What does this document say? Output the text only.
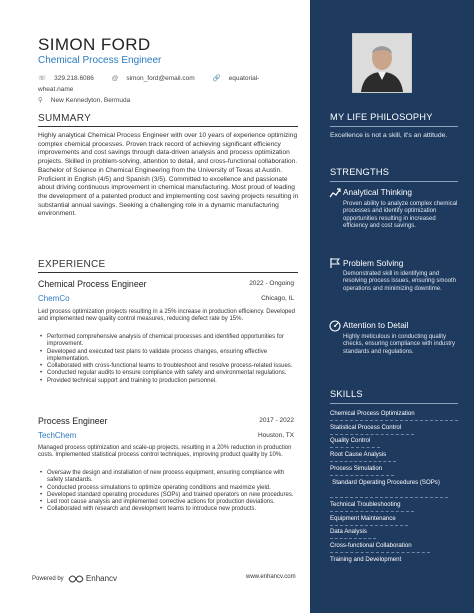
SIMON FORD
Chemical Process Engineer
☏ 329.218.6086	@ simon_ford@email.com	🔗 equatorial-wheat.name
⚲ New Kennedyton, Bermuda
SUMMARY
Highly analytical Chemical Process Engineer with over 10 years of experience optimizing complex chemical processes. Proven track record of achieving significant efficiency improvements and cost savings through data-driven analysis and process optimization projects. Skilled in problem-solving, attention to detail, and cross-functional collaboration. Bachelor of Science in Chemical Engineering from the University of Texas at Austin. Proficient in English (4/5) and Spanish (3/5). Committed to excellence and passionate about driving continuous improvement in chemical manufacturing. Most proud of leading the development of a patented product and implementing cost saving projects resulting in substantial annual savings. Seeking a challenging role in a dynamic manufacturing environment.
EXPERIENCE
Chemical Process Engineer	2022 - Ongoing
ChemCo	Chicago, IL
Led process optimization projects resulting in a 25% increase in production efficiency. Developed and implemented new quality control measures, reducing defect rate by 15%.
• Performed comprehensive analysis of chemical processes and identified opportunities for improvement.
• Developed and executed test plans to validate process changes, ensuring effective implementation.
• Collaborated with cross-functional teams to troubleshoot and resolve process-related issues.
• Conducted regular audits to ensure compliance with safety and environmental regulations.
• Provided technical support and training to production personnel.
Process Engineer	2017 - 2022
TechChem	Houston, TX
Managed process optimization and scale-up projects, resulting in a 20% reduction in production costs. Implemented statistical process control techniques, improving product quality by 10%.
• Oversaw the design and installation of new process equipment, ensuring compliance with safety standards.
• Conducted process simulations to optimize operating conditions and maximize yield.
• Developed standard operating procedures (SOPs) and trained operators on new procedures.
• Led root cause analysis and implemented corrective actions for production deviations.
• Collaborated with research and development teams to introduce new products.
Powered by	Enhancv	www.enhancv.com
MY LIFE PHILOSOPHY
Excellence is not a skill, it's an attitude.
STRENGTHS
Analytical Thinking
Proven ability to analyze complex chemical processes and identify optimization opportunities resulting in increased efficiency and cost savings.
Problem Solving
Demonstrated skill in identifying and resolving process issues, ensuring smooth operations and minimizing downtime.
Attention to Detail
Highly meticulous in conducting quality checks, ensuring compliance with industry standards and regulations.
SKILLS
Chemical Process Optimization
Statistical Process Control
Quality Control
Root Cause Analysis
Process Simulation
Standard Operating Procedures (SOPs)
Technical Troubleshooting
Equipment Maintenance
Data Analysis
Cross-functional Collaboration
Training and Development
